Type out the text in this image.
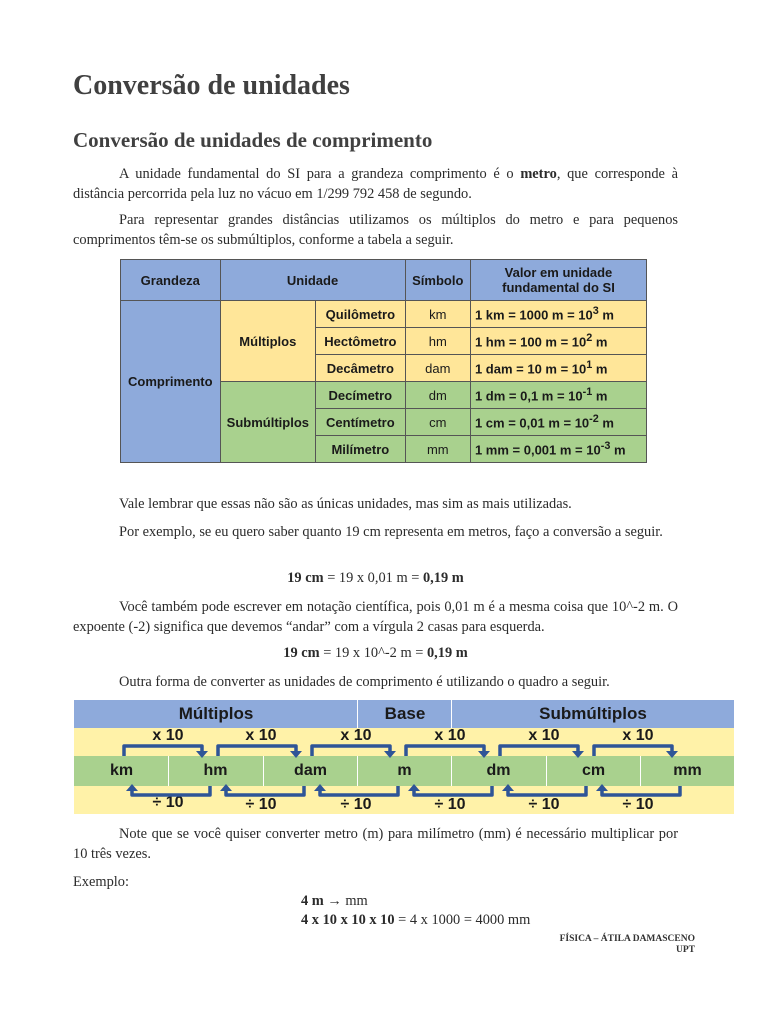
Conversão de unidades
Conversão de unidades de comprimento

A unidade fundamental do SI para a grandeza comprimento é o metro, que corresponde à distância percorrida pela luz no vácuo em 1/299 792 458 de segundo.

Para representar grandes distâncias utilizamos os múltiplos do metro e para pequenos comprimentos têm-se os submúltiplos, conforme a tabela a seguir.

Grandeza	Unidade		Símbolo	Valor em unidade fundamental do SI
Comprimento	Múltiplos	Quilômetro	km	1 km = 1000 $m = 10^3$ m
		Hectômetro	hm	1 hm = 100 $m = 10^2$ m
		Decâmetro	dam	1 dam = 10 $m = 10^1$ m
	Submúltiplos	Decímetro	dm	1 dm = 0,1 $m = 10^{-1}$ m
		Centímetro	cm	1 cm = 0,01 $m = 10^{-2}$ m
		Milímetro	mm	1 mm = 0,001 $m = 10^{-3}$ m

Vale lembrar que essas não são as únicas unidades, mas sim as mais utilizadas.

Por exemplo, se eu quero saber quanto 19 cm representa em metros, faço a conversão a seguir.

19 cm = 19 x 0,01 m = 0,19 m

Você também pode escrever em notação científica, pois 0,01 m é a mesma coisa que 10^-2 m. O expoente (-2) significa que devemos “andar” com a vírgula 2 casas para esquerda.

19 cm = 19 x 10^-2 m = 0,19 m

Outra forma de converter as unidades de comprimento é utilizando o quadro a seguir.

Múltiplos	Base	Submúltiplos
km	hm	dam	m	dm	cm	mm
x 10	x 10	x 10	x 10	x 10	x 10
÷ 10	÷ 10	÷ 10	÷ 10	÷ 10	÷ 10

Note que se você quiser converter metro (m) para milímetro (mm) é necessário multiplicar por 10 três vezes.

Exemplo:

4 m → mm

4 x 10 x 10 x 10 = 4 x 1000 = 4000 mm

FÍSICA – ÁTILA DAMASCENO
UPT
